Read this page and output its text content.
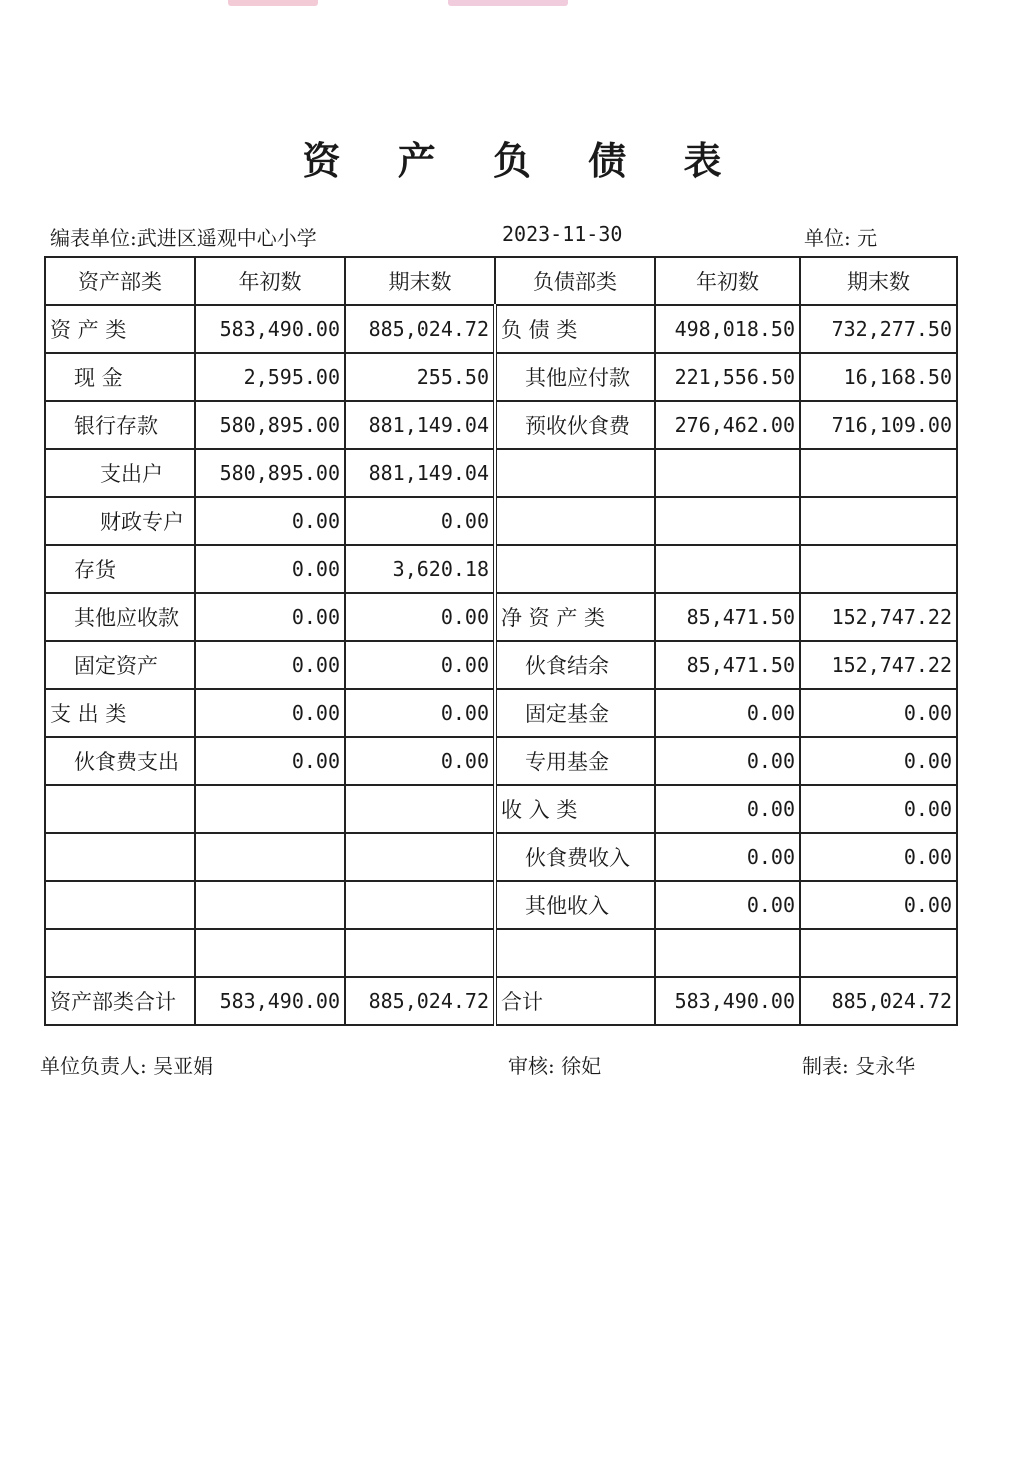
资 产 负 债 表
编表单位:武进区遥观中心小学	2023-11-30	单位: 元
资产部类	年初数	期末数	负债部类	年初数	期末数
资 产 类	583,490.00	885,024.72	负 债 类	498,018.50	732,277.50
现 金	2,595.00	255.50	其他应付款	221,556.50	16,168.50
银行存款	580,895.00	881,149.04	预收伙食费	276,462.00	716,109.00
支出户	580,895.00	881,149.04			
财政专户	0.00	0.00			
存货	0.00	3,620.18			
其他应收款	0.00	0.00	净 资 产 类	85,471.50	152,747.22
固定资产	0.00	0.00	伙食结余	85,471.50	152,747.22
支 出 类	0.00	0.00	固定基金	0.00	0.00
伙食费支出	0.00	0.00	专用基金	0.00	0.00
			收 入 类	0.00	0.00
			伙食费收入	0.00	0.00
			其他收入	0.00	0.00

资产部类合计	583,490.00	885,024.72	合计	583,490.00	885,024.72
单位负责人: 吴亚娟	审核: 徐妃	制表: 殳永华
